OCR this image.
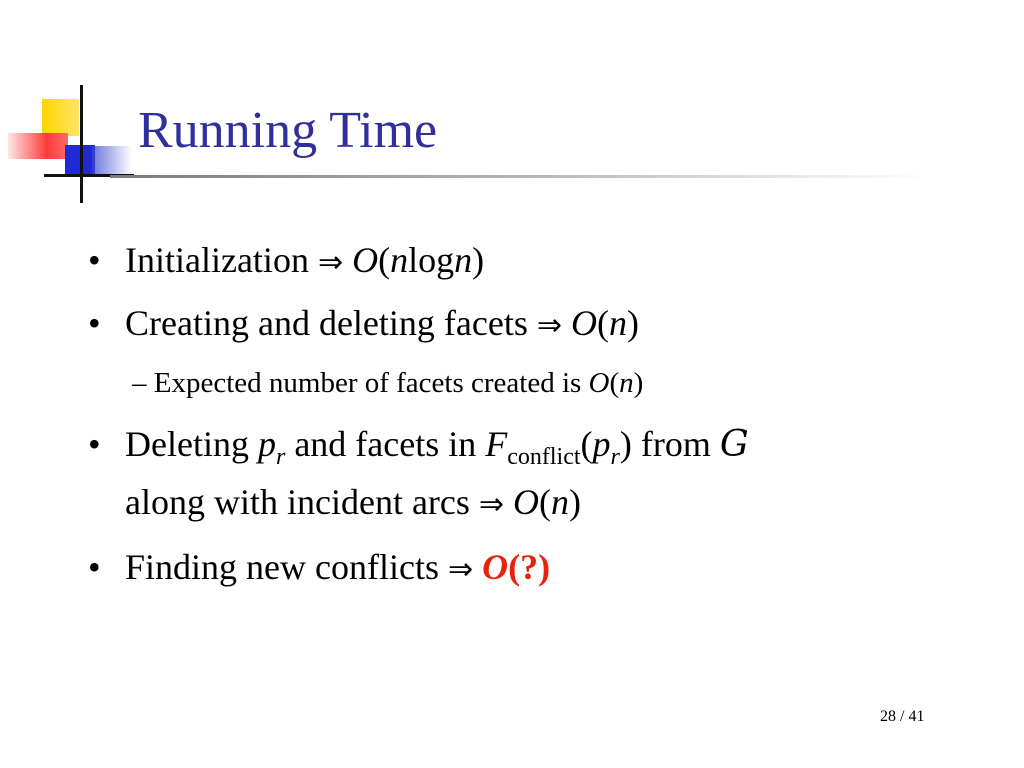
Running Time
• Initialization ⇒ O(nlogn)
• Creating and deleting facets ⇒ O(n)
– Expected number of facets created is O(n)
• Deleting $p_r$ and facets in $F_{conflict}(p_r)$ from G
along with incident arcs ⇒ O(n)
• Finding new conflicts ⇒ O(?)
28 / 41
